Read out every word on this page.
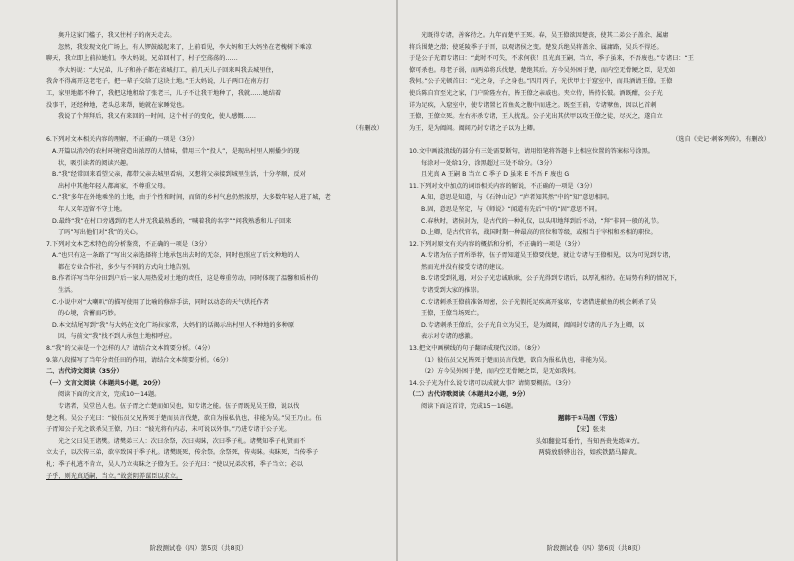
奥升这家门槛子，我又往村子的南天走去。
忽然，我发现文化广场上，有人锣鼓敲起来了，上前看见，李大妈和王大妈坐在老槐树下乘凉
聊天，我立即上前拉她们。李大妈说，兄弟回村了，村子空荡荡的……
李大妈说：“大兄弟，儿子和孙子都在省城打工，前几天儿子回来叫我去城里住，
我舍不得离开这老宅子，把一辈子交给了这块土地。”王大妈说，儿子两口在南方打
工，家里地都不种了，我把这地租给了张老三，儿子不让我干地种了，我就……她结着
没事干，还经种地，老头总来帮，她就在家睡觉也。
我说了个拜拜后，我又有来回的一时间，这个村子的变化，使人感慨……
（有删改）
6.下列对文本相关内容的理解，不正确的一项是（3分）
A.开篇以消冷的农村环境营造出浓厚的人情味，借用三个“投人”，是现出村里人刚播少的现
状，吸引读者的阅读兴趣。
B.“我”经常回来看望父亲，都带父亲去城里看病，又想将父亲接到城里生活，十分孝顺，反对
出村中其他年轻人都离家，不尊重父母。
C.“我”多年在外地乘坐的土地，由于个性和时间，而留的乡村气息仍然浓厚，大多数年轻人进了城，老
年人又年迈留不守土地。
D.最终“我”在村口旁遇到的老人并无我最熟悉的，“喊着我的名字”“问我熟悉和儿子回来
了吗”写出他们对“我”的关心。
7.下列对文本艺术特色的分析鉴赏，不正确的一项是（3分）
A.“也只有这一条路了”写出父亲选择将土地承包出去时的无奈，同时也照应了后文种地的人
都在专业合作社，多少与不同的方式向土地告别。
B.作者详写当年分田到户后一家人用热爱对土地的责任，这是尊重劳动，同时体现了温馨和质朴的
生活。
C.小说中对“大喇叭”的描写使用了比喻的修辞手法，同时以动态的天气烘托作者
的心境，含蓄而巧妙。
D.本文结尾写到“我”与大妈在文化广场拉家常，大妈们的话揭示出村里人不种地的多种原
因，与前文“我”找不到人承包土地相呼应。
8.“我”的父亲是一个怎样的人？请结合文本简要分析。（4分）
9.第八段描写了当年分责任田的作用，请结合文本简要分析。（6分）
二、古代诗文阅读（35分）
（一）文言文阅读（本题共5小题，20分）
阅读下面的文言文，完成10～14题。
专诸者，吴堂邑人也。伍子胥之亡楚而如吴也，知专诸之能。伍子胥既见吴王僚，说以伐
楚之利。吴公子光曰：“彼伍员父兄皆死于楚而员言伐楚，欲自为报私仇也，非能为吴。”吴王乃止。伍
子胥知公子光之欲杀吴王僚，乃曰：“彼光将有内志，未可说以外事。”乃进专诸于公子光。
光之父曰吴王诸樊。诸樊弟三人：次曰余祭，次曰夷眛，次曰季子札。诸樊知季子札贤而不
立太子，以次传三弟，欲卒致国于季子札。诸樊既死，传余祭。余祭死，传夷眛。夷眛死，当传季子
札；季子札逃不肯立，吴人乃立夷眛之子僚为王。公子光曰：“使以兄弟次邪，季子当立；必以
子乎，则光真适嗣，当立。”故尝阴养谋臣以求立。
阶段测试卷（四）第5页（共8页）
光既得专诸，善客待之。九年而楚平王死。春，吴王僚欲因楚丧，使其二弟公子盖余、属庸
将兵围楚之潜；使延陵季子于晋，以观诸侯之变。楚发兵绝吴将盖余、属庸路，吴兵不得还。
于是公子光谓专诸曰：“此时不可失，不求何获！且光真王嗣，当立，季子虽来，不吾废也。”专诸曰：“王
僚可杀也。母老子弱，而两弟将兵伐楚，楚绝其后。方今吴外困于楚，而内空无骨鲠之臣，是无如
我何。”公子光顿首曰：“光之身，子之身也。”四月丙子，光伏甲士于窟室中，而具酒请王僚。王僚
使兵陈自宫至光之家，门户阶陛左右，皆王僚之亲戚也。夹立侍，皆持长铍。酒既酣，公子光
详为足疾，入窟室中，使专诸置匕首鱼炙之腹中而进之。既至王前，专诸擘鱼，因以匕首刺
王僚，王僚立死。左右亦杀专诸，王人扰乱。公子光出其伏甲以攻王僚之徒，尽灭之，遂自立
为王，是为阖闾。阖闾乃封专诸之子以为上卿。
（选自《史记·刺客列传》，有删改）
10.文中画波浪线的部分有三处需要断句，请用铅笔将答题卡上相应位置的答案标号涂黑。
每涂对一处给1分，涂黑超过三处不给分。（3分）
且光真 A 王嗣 B 当立 C 季子 D 虽来 E 不吾 F 废也 G
11.下列对文中加点的词语相关内容的解说，不正确的一项是（3分）
A.知，意思是知道，与《石钟山记》“庐者知其然”中的“知”意思相同。
B.固，意思是坚定，与《师说》“闻道有先后”中的“固”意思不同。
C.春秋时，诸侯封为，是古代的一种礼仪，以头叩地拜到后不动，“拜”非同一般的礼节。
D.上卿，是古代官名，战国时期一种最高的官位和等级，或相当于宰相和丞相的职位。
12.下列对原文有关内容的概括和分析，不正确的一项是（3分）
A.专诸为伍子胥所举荐，伍子胥知道吴王僚要伐楚，就让专诸与王僚相见，以为可见到专诸，
然而光并没有接受专诸的建议。
B.专诸受到礼遇，对公子光忠诚耿耿，公子光得到专诸后，以厚礼相待。在局势有利的情况下，
专诸受到大家的推崇。
C.专诸刺杀王僚前准备周密，公子光假托足疾离开宴席，专诸借进献鱼的机会刺杀了吴
王僚，王僚当场死亡。
D.专诸刺杀王僚后，公子光自立为吴王，是为阖闾，阖闾封专诸的儿子为上卿，以
表示对专诸的感激。
13.把文中画横线的句子翻译成现代汉语。（8分）
（1）彼伍员父兄皆死于楚而员言伐楚，欲自为报私仇也，非能为吴。
（2）方今吴外困于楚，而内空无骨鲠之臣，是无如我何。
14.公子光为什么说专诸可以成就大事？请简要概括。（3分）
（二）古代诗歌阅读（本题共2小题，9分）
阅读下面这首诗，完成15～16题。
题韩干①马图（节选）
【宋】张耒
头如翻瓮耳垂竹，当知吾贵先练④方。
两骑放骄骅出谷，如疾铁踏马蹄黄。
阶段测试卷（四）第6页（共8页）
